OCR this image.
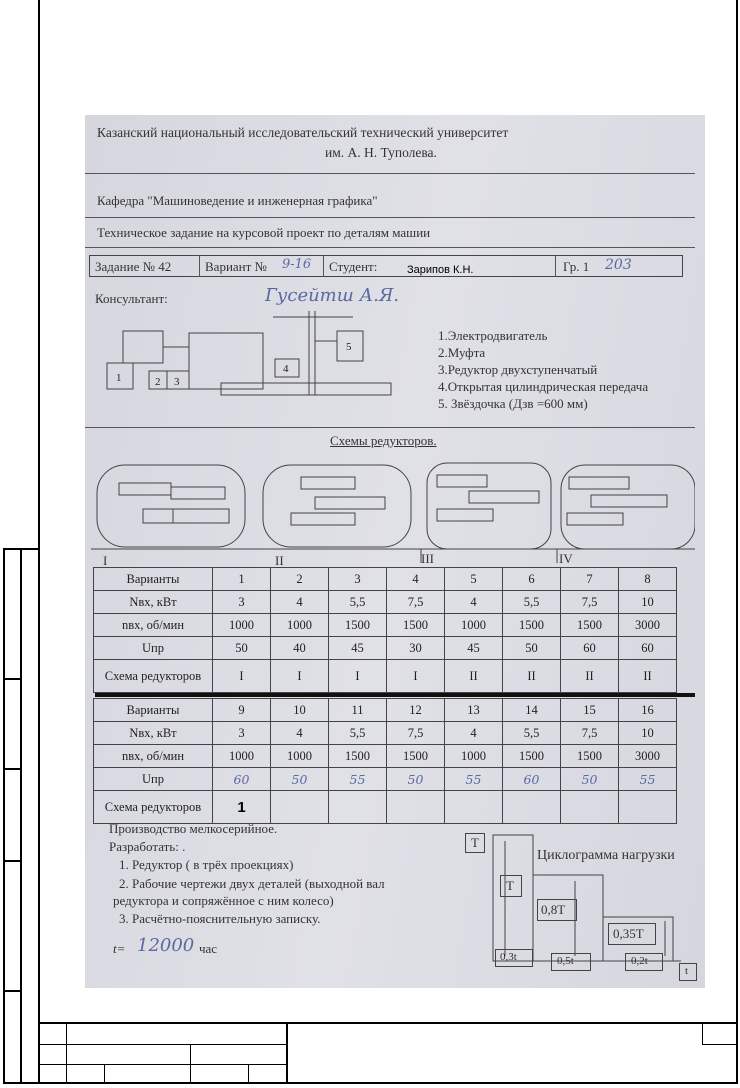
Казанский национальный исследовательский технический университет
им. А. Н. Туполева.
Кафедра "Машиноведение и инженерная графика"
Техническое задание на курсовой проект по деталям машии
Задание № 42	Вариант № 9-16 Студент:	Зарипов К.Н.	Гр. 1 203
Консультант:	Гусейтш А.Я.
1	2 3
4
5
1.Электродвигатель
2.Муфта
3.Редуктор двухступенчатый
4.Открытая цилиндрическая передача
5. Звёздочка (Дзв =600 мм)
Схемы редукторов.
I	II	III	IV
Варианты	1	2	3	4	5	6	7	8
Nвх, кВт	3	4	5,5	7,5	4	5,5	7,5	10
nвх, об/мин	1000	1000	1500	1500	1000	1500	1500	3000
Uпр	50	40	45	30	45	50	60	60
Схема редукторов	I	I	I	I	II	II	II	II
Варианты	9	10	11	12	13	14	15	16
Nвх, кВт	3	4	5,5	7,5	4	5,5	7,5	10
nвх, об/мин	1000	1000	1500	1500	1000	1500	1500	3000
Uпр	60	50	55	50	55	60	50	55
Схема редукторов	1							
Производство мелкосерийное.
Разработать: .
1. Редуктор ( в трёх проекциях)
2. Рабочие чертежи двух деталей (выходной вал
редуктора и сопряжённое с ним колесо)
3. Расчётно-пояснительную записку.
t= 12000 час
T
Циклограмма нагрузки
T
0,8T
0,35T
0,3t	0,5t	0,2t
t
